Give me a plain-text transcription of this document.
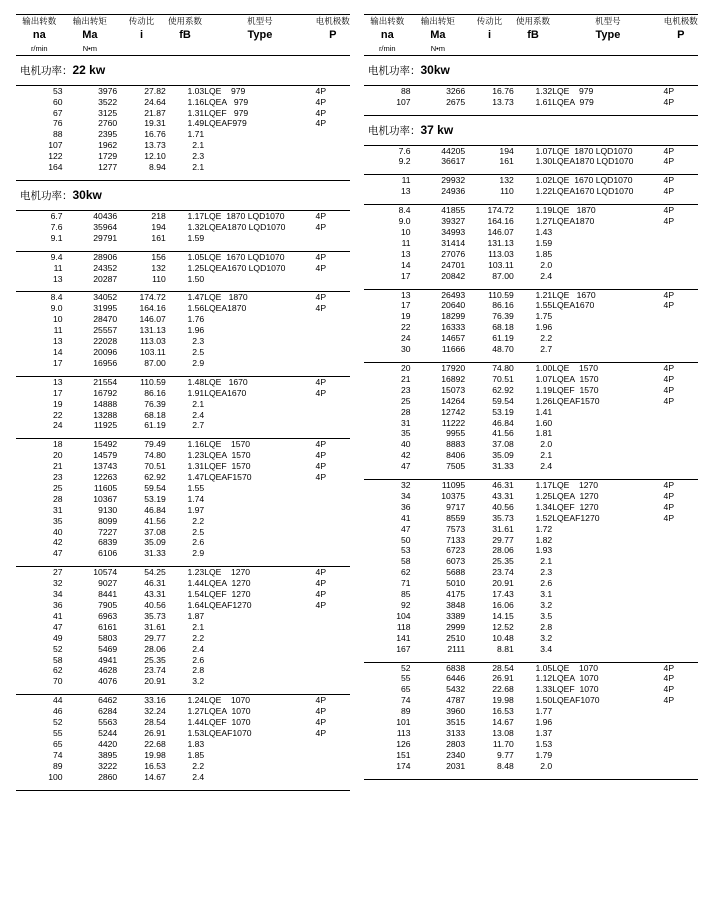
输出转数	输出转矩	传动比	使用系数	机型号	电机极数
na	Ma	i	fB	Type	P
r/min	N•m				
电机功率：22 kw
53	3976	27.82	1.03	LQE    979	4P
60	3522	24.64	1.16	LQEA   979	4P
67	3125	21.87	1.31	LQEF   979	4P
76	2760	19.31	1.49	LQEAF979	4P
88	2395	16.76	1.71		
107	1962	13.73	2.1		
122	1729	12.10	2.3		
164	1277	8.94	2.1		

电机功率：30kw
6.7	40436	218	1.17	LQE  1870 LQD1070	4P
7.6	35964	194	1.32	LQEA1870 LQD1070	4P
9.1	29791	161	1.59		

9.4	28906	156	1.05	LQE  1670 LQD1070	4P
11	24352	132	1.25	LQEA1670 LQD1070	4P
13	20287	110	1.50		

8.4	34052	174.72	1.47	LQE   1870	4P
9.0	31995	164.16	1.56	LQEA1870	4P
10	28470	146.07	1.76		
11	25557	131.13	1.96		
13	22028	113.03	2.3		
14	20096	103.11	2.5		
17	16956	87.00	2.9		

13	21554	110.59	1.48	LQE   1670	4P
17	16792	86.16	1.91	LQEA1670	4P
19	14888	76.39	2.1		
22	13288	68.18	2.4		
24	11925	61.19	2.7		

18	15492	79.49	1.16	LQE    1570	4P
20	14579	74.80	1.23	LQEA  1570	4P
21	13743	70.51	1.31	LQEF  1570	4P
23	12263	62.92	1.47	LQEAF1570	4P
25	11605	59.54	1.55		
28	10367	53.19	1.74		
31	9130	46.84	1.97		
35	8099	41.56	2.2		
40	7227	37.08	2.5		
42	6839	35.09	2.6		
47	6106	31.33	2.9		

27	10574	54.25	1.23	LQE    1270	4P
32	9027	46.31	1.44	LQEA  1270	4P
34	8441	43.31	1.54	LQEF  1270	4P
36	7905	40.56	1.64	LQEAF1270	4P
41	6963	35.73	1.87		
47	6161	31.61	2.1		
49	5803	29.77	2.2		
52	5469	28.06	2.4		
58	4941	25.35	2.6		
62	4628	23.74	2.8		
70	4076	20.91	3.2		

44	6462	33.16	1.24	LQE    1070	4P
46	6284	32.24	1.27	LQEA  1070	4P
52	5563	28.54	1.44	LQEF  1070	4P
55	5244	26.91	1.53	LQEAF1070	4P
65	4420	22.68	1.83		
74	3895	19.98	1.85		
89	3222	16.53	2.2		
100	2860	14.67	2.4		

输出转数	输出转矩	传动比	使用系数	机型号	电机极数
na	Ma	i	fB	Type	P
r/min	N•m				
电机功率：30kw
88	3266	16.76	1.32	LQE    979	4P
107	2675	13.73	1.61	LQEA  979	4P

电机功率：37 kw
7.6	44205	194	1.07	LQE  1870 LQD1070	4P
9.2	36617	161	1.30	LQEA1870 LQD1070	4P

11	29932	132	1.02	LQE  1670 LQD1070	4P
13	24936	110	1.22	LQEA1670 LQD1070	4P

8.4	41855	174.72	1.19	LQE   1870	4P
9.0	39327	164.16	1.27	LQEA1870	4P
10	34993	146.07	1.43		
11	31414	131.13	1.59		
13	27076	113.03	1.85		
14	24701	103.11	2.0		
17	20842	87.00	2.4		

13	26493	110.59	1.21	LQE   1670	4P
17	20640	86.16	1.55	LQEA1670	4P
19	18299	76.39	1.75		
22	16333	68.18	1.96		
24	14657	61.19	2.2		
30	11666	48.70	2.7		

20	17920	74.80	1.00	LQE    1570	4P
21	16892	70.51	1.07	LQEA  1570	4P
23	15073	62.92	1.19	LQEF  1570	4P
25	14264	59.54	1.26	LQEAF1570	4P
28	12742	53.19	1.41		
31	11222	46.84	1.60		
35	9955	41.56	1.81		
40	8883	37.08	2.0		
42	8406	35.09	2.1		
47	7505	31.33	2.4		

32	11095	46.31	1.17	LQE    1270	4P
34	10375	43.31	1.25	LQEA  1270	4P
36	9717	40.56	1.34	LQEF  1270	4P
41	8559	35.73	1.52	LQEAF1270	4P
47	7573	31.61	1.72		
50	7133	29.77	1.82		
53	6723	28.06	1.93		
58	6073	25.35	2.1		
62	5688	23.74	2.3		
71	5010	20.91	2.6		
85	4175	17.43	3.1		
92	3848	16.06	3.2		
104	3389	14.15	3.5		
118	2999	12.52	2.8		
141	2510	10.48	3.2		
167	2111	8.81	3.4		

52	6838	28.54	1.05	LQE    1070	4P
55	6446	26.91	1.12	LQEA  1070	4P
65	5432	22.68	1.33	LQEF  1070	4P
74	4787	19.98	1.50	LQEAF1070	4P
89	3960	16.53	1.77		
101	3515	14.67	1.96		
113	3133	13.08	1.37		
126	2803	11.70	1.53		
151	2340	9.77	1.79		
174	2031	8.48	2.0		
